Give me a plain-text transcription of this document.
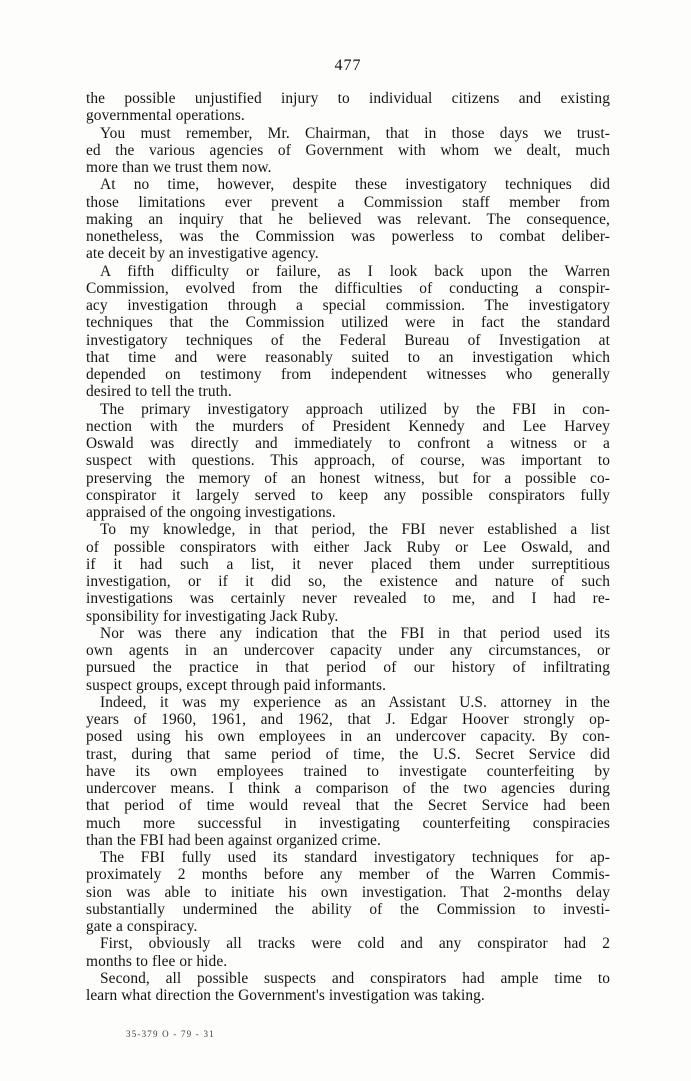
477
the possible unjustified injury to individual citizens and existing
governmental operations.
You must remember, Mr. Chairman, that in those days we trust-
ed the various agencies of Government with whom we dealt, much
more than we trust them now.
At no time, however, despite these investigatory techniques did
those limitations ever prevent a Commission staff member from
making an inquiry that he believed was relevant. The consequence,
nonetheless, was the Commission was powerless to combat deliber-
ate deceit by an investigative agency.
A fifth difficulty or failure, as I look back upon the Warren
Commission, evolved from the difficulties of conducting a conspir-
acy investigation through a special commission. The investigatory
techniques that the Commission utilized were in fact the standard
investigatory techniques of the Federal Bureau of Investigation at
that time and were reasonably suited to an investigation which
depended on testimony from independent witnesses who generally
desired to tell the truth.
The primary investigatory approach utilized by the FBI in con-
nection with the murders of President Kennedy and Lee Harvey
Oswald was directly and immediately to confront a witness or a
suspect with questions. This approach, of course, was important to
preserving the memory of an honest witness, but for a possible co-
conspirator it largely served to keep any possible conspirators fully
appraised of the ongoing investigations.
To my knowledge, in that period, the FBI never established a list
of possible conspirators with either Jack Ruby or Lee Oswald, and
if it had such a list, it never placed them under surreptitious
investigation, or if it did so, the existence and nature of such
investigations was certainly never revealed to me, and I had re-
sponsibility for investigating Jack Ruby.
Nor was there any indication that the FBI in that period used its
own agents in an undercover capacity under any circumstances, or
pursued the practice in that period of our history of infiltrating
suspect groups, except through paid informants.
Indeed, it was my experience as an Assistant U.S. attorney in the
years of 1960, 1961, and 1962, that J. Edgar Hoover strongly op-
posed using his own employees in an undercover capacity. By con-
trast, during that same period of time, the U.S. Secret Service did
have its own employees trained to investigate counterfeiting by
undercover means. I think a comparison of the two agencies during
that period of time would reveal that the Secret Service had been
much more successful in investigating counterfeiting conspiracies
than the FBI had been against organized crime.
The FBI fully used its standard investigatory techniques for ap-
proximately 2 months before any member of the Warren Commis-
sion was able to initiate his own investigation. That 2-months delay
substantially undermined the ability of the Commission to investi-
gate a conspiracy.
First, obviously all tracks were cold and any conspirator had 2
months to flee or hide.
Second, all possible suspects and conspirators had ample time to
learn what direction the Government's investigation was taking.
35-379 O - 79 - 31
